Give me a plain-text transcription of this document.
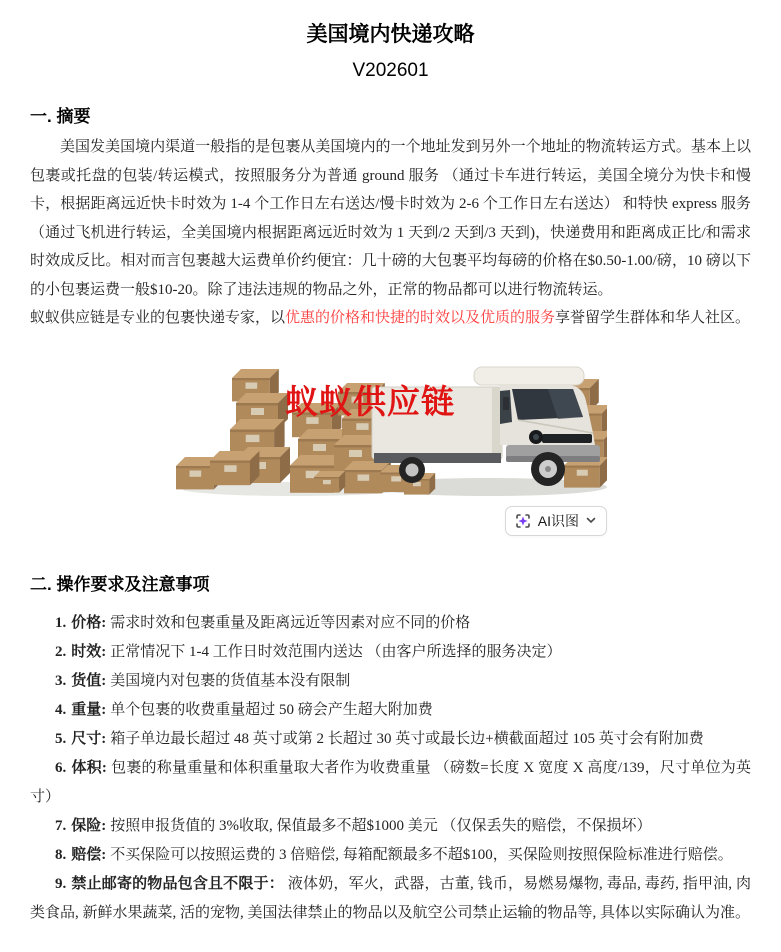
美国境内快递攻略
V202601
一. 摘要

美国发美国境内渠道一般指的是包裹从美国境内的一个地址发到另外一个地址的物流转运方式。基本上以包裹或托盘的包装/转运模式，按照服务分为普通 ground 服务 （通过卡车进行转运，美国全境分为快卡和慢卡，根据距离远近快卡时效为 1-4 个工作日左右送达/慢卡时效为 2-6 个工作日左右送达） 和特快 express 服务 （通过飞机进行转运，全美国境内根据距离远近时效为 1 天到/2 天到/3 天到)，快递费用和距离成正比/和需求时效成反比。相对而言包裹越大运费单价约便宜：几十磅的大包裹平均每磅的价格在$0.50-1.00/磅，10 磅以下的小包裹运费一般$10-20。除了违法违规的物品之外，正常的物品都可以进行物流转运。

蚁蚁供应链是专业的包裹快递专家，以优惠的价格和快捷的时效以及优质的服务享誉留学生群体和华人社区。

蚁蚁供应链
AI识图
二. 操作要求及注意事项

1. 价格: 需求时效和包裹重量及距离远近等因素对应不同的价格

2. 时效: 正常情况下 1-4 工作日时效范围内送达 （由客户所选择的服务决定）

3. 货值: 美国境内对包裹的货值基本没有限制

4. 重量: 单个包裹的收费重量超过 50 磅会产生超大附加费

5. 尺寸: 箱子单边最长超过 48 英寸或第 2 长超过 30 英寸或最长边+横截面超过 105 英寸会有附加费

6. 体积: 包裹的称量重量和体积重量取大者作为收费重量 （磅数=长度 X 宽度 X 高度/139，尺寸单位为英寸）

7. 保险: 按照申报货值的 3%收取, 保值最多不超$1000 美元 （仅保丢失的赔偿，不保损坏）

8. 赔偿: 不买保险可以按照运费的 3 倍赔偿, 每箱配额最多不超$100，买保险则按照保险标准进行赔偿。

9. 禁止邮寄的物品包含且不限于： 液体奶，军火，武器，古董, 钱币，易燃易爆物, 毒品, 毒药, 指甲油, 肉类食品, 新鲜水果蔬菜, 活的宠物, 美国法律禁止的物品以及航空公司禁止运输的物品等, 具体以实际确认为准。
